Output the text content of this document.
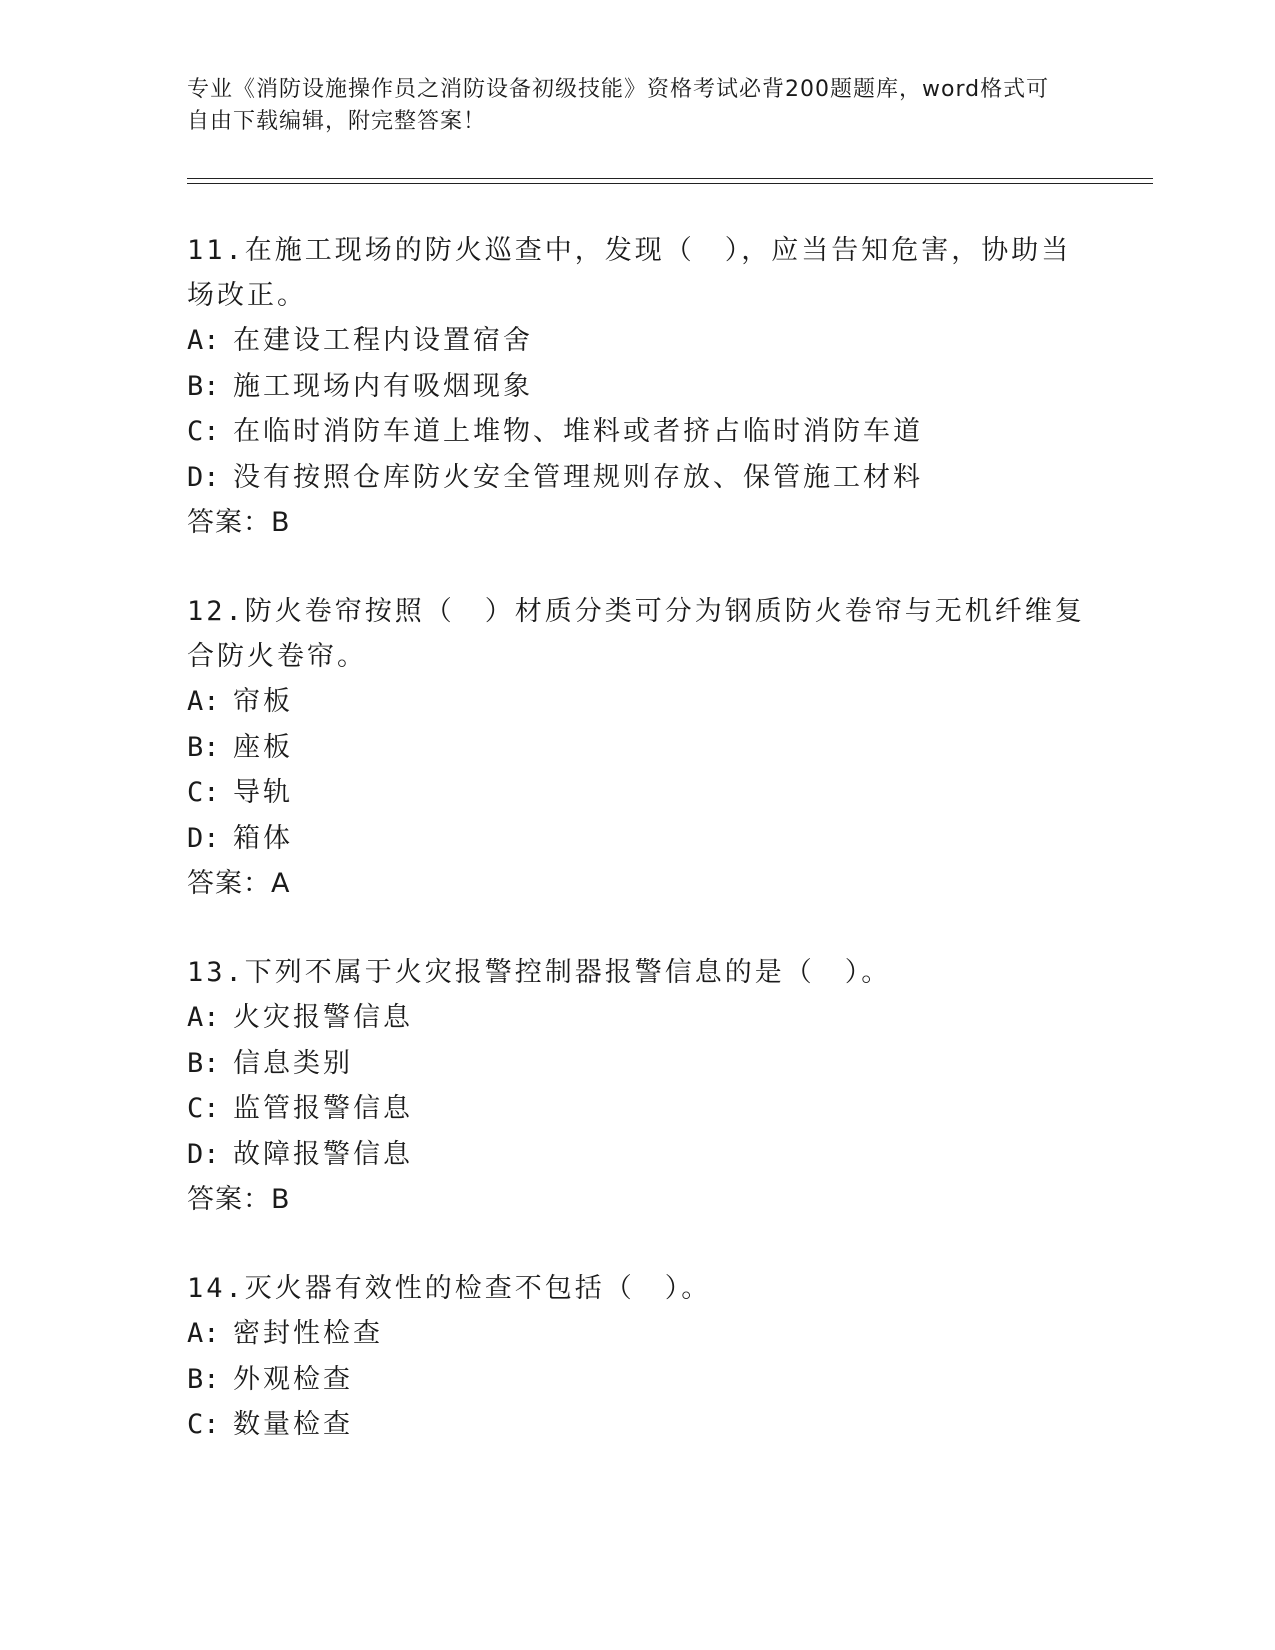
专业《消防设施操作员之消防设备初级技能》资格考试必背200题题库，word格式可自由下载编辑，附完整答案！
11.在施工现场的防火巡查中，发现（　），应当告知危害，协助当场改正。
A: 在建设工程内设置宿舍
B: 施工现场内有吸烟现象
C: 在临时消防车道上堆物、堆料或者挤占临时消防车道
D: 没有按照仓库防火安全管理规则存放、保管施工材料
答案：B
12.防火卷帘按照（　）材质分类可分为钢质防火卷帘与无机纤维复合防火卷帘。
A: 帘板
B: 座板
C: 导轨
D: 箱体
答案：A
13.下列不属于火灾报警控制器报警信息的是（　）。
A: 火灾报警信息
B: 信息类别
C: 监管报警信息
D: 故障报警信息
答案：B
14.灭火器有效性的检查不包括（　）。
A: 密封性检查
B: 外观检查
C: 数量检查
